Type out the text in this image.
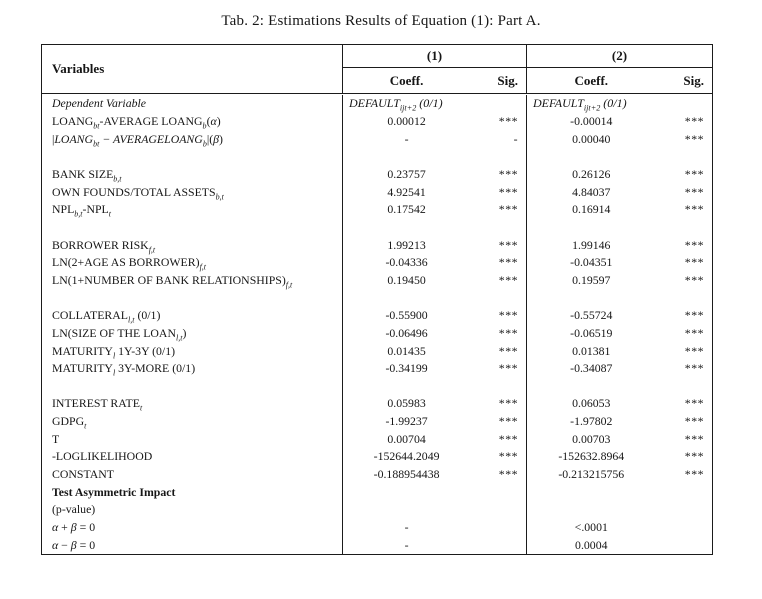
Tab. 2: Estimations Results of Equation (1): Part A.
Variables
(1)
Coeff.	Sig.
(2)
Coeff.	Sig.
Dependent Variable	$DEFAULT_{ijt+2}$ (0/1)	$DEFAULT_{ijt+2}$ (0/1)
$LOANG_{bt}$-AVERAGE $LOANG_b(\alpha)$	0.00012	***	-0.00014	***
$|LOANG_{bt}$ − $AVERAGELOANG_b|(\beta)$	-	-	0.00040	***
BANK $SIZE_{b,t}$	0.23757	***	0.26126	***
OWN FOUNDS/TOTAL $ASSETS_{b,t}$	4.92541	***	4.84037	***
$NPL_{b,t}-NPL_t$	0.17542	***	0.16914	***
BORROWER $RISK_{f,t}$	1.99213	***	1.99146	***
LN(2+AGE AS $BORROWER)_{f,t}$	-0.04336	***	-0.04351	***
LN(1+NUMBER OF BANK $RELATIONSHIPS)_{f,t}$	0.19450	***	0.19597	***
$COLLATERAL_{l,t}$ (0/1)	-0.55900	***	-0.55724	***
LN(SIZE OF THE $LOAN_{l,t}$)	-0.06496	***	-0.06519	***
$MATURITY_l$ 1Y-3Y (0/1)	0.01435	***	0.01381	***
$MATURITY_l$ 3Y-MORE (0/1)	-0.34199	***	-0.34087	***
INTEREST $RATE_t$	0.05983	***	0.06053	***
$GDPG_t$	-1.99237	***	-1.97802	***
T	0.00704	***	0.00703	***
-LOGLIKELIHOOD	-152644.2049	***	-152632.8964	***
CONSTANT	-0.188954438	***	-0.213215756	***
Test Asymmetric Impact
(p-value)
α + β = 0	-	<.0001
α − β = 0	-	0.0004
